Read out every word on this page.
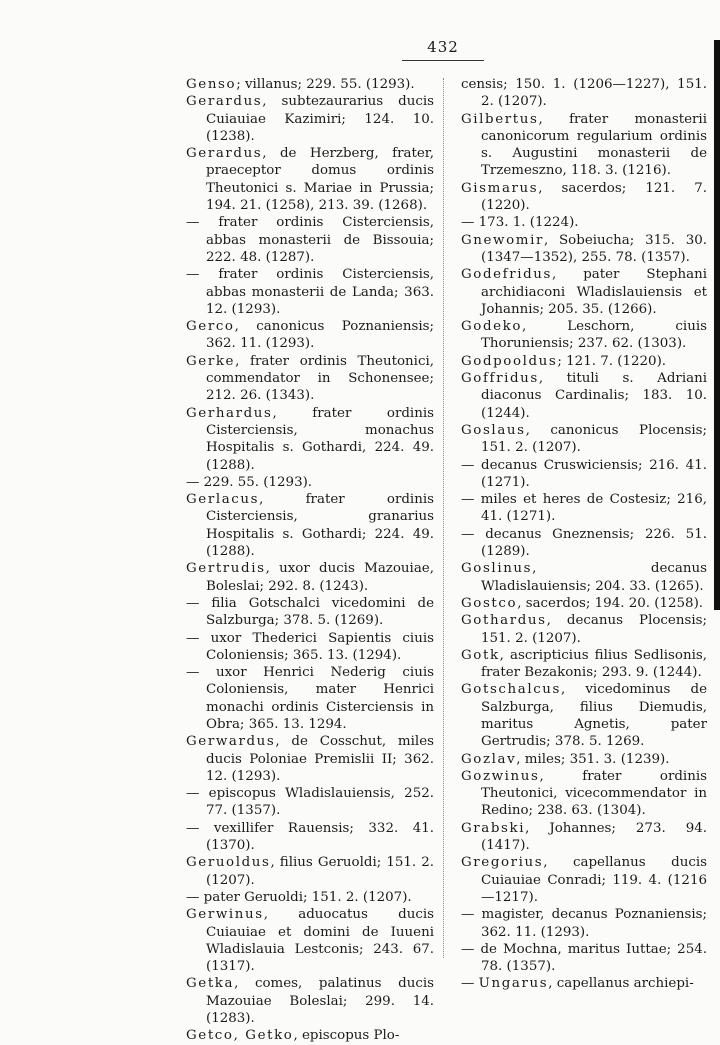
432

Genso; villanus; 229. 55. (1293).

Gerardus, subtezaurarius ducis Cuiauiae Kazimiri; 124. 10. (1238).

Gerardus, de Herzberg, frater, praeceptor domus ordinis Theutonici s. Mariae in Prussia; 194. 21. (1258), 213. 39. (1268).

— frater ordinis Cisterciensis, abbas monasterii de Bissouia; 222. 48. (1287).

— frater ordinis Cisterciensis, abbas monasterii de Landa; 363. 12. (1293).

Gerco, canonicus Poznaniensis; 362. 11. (1293).

Gerke, frater ordinis Theutonici, commendator in Schonensee; 212. 26. (1343).

Gerhardus, frater ordinis Cisterciensis, monachus Hospitalis s. Gothardi, 224. 49. (1288).

— 229. 55. (1293).

Gerlacus, frater ordinis Cisterciensis, granarius Hospitalis s. Gothardi; 224. 49. (1288).

Gertrudis, uxor ducis Mazouiae, Boleslai; 292. 8. (1243).

— filia Gotschalci vicedomini de Salzburga; 378. 5. (1269).

— uxor Thederici Sapientis ciuis Coloniensis; 365. 13. (1294).

— uxor Henrici Nederig ciuis Coloniensis, mater Henrici monachi ordinis Cisterciensis in Obra; 365. 13. 1294.

Gerwardus, de Cosschut, miles ducis Poloniae Premislii II; 362. 12. (1293).

— episcopus Wladislauiensis, 252. 77. (1357).

— vexillifer Rauensis; 332. 41. (1370).

Geruoldus, filius Geruoldi; 151. 2. (1207).

— pater Geruoldi; 151. 2. (1207).

Gerwinus, aduocatus ducis Cuiauiae et domini de Iuueni Wladislauia Lestconis; 243. 67. (1317).

Getka, comes, palatinus ducis Mazouiae Boleslai; 299. 14. (1283).

Getco, Getko, episcopus Plo-

censis; 150. 1. (1206—1227), 151. 2. (1207).

Gilbertus, frater monasterii canonicorum regularium ordinis s. Augustini monasterii de Trzemeszno, 118. 3. (1216).

Gismarus, sacerdos; 121. 7. (1220).

— 173. 1. (1224).

Gnewomir, Sobeiucha; 315. 30. (1347—1352), 255. 78. (1357).

Godefridus, pater Stephani archidiaconi Wladislauiensis et Johannis; 205. 35. (1266).

Godeko, Leschorn, ciuis Thoruniensis; 237. 62. (1303).

Godpooldus; 121. 7. (1220).

Goffridus, tituli s. Adriani diaconus Cardinalis; 183. 10. (1244).

Goslaus, canonicus Plocensis; 151. 2. (1207).

— decanus Cruswiciensis; 216. 41. (1271).

— miles et heres de Costesiz; 216, 41. (1271).

— decanus Gneznensis; 226. 51. (1289).

Goslinus, decanus Wladislauiensis; 204. 33. (1265).

Gostco, sacerdos; 194. 20. (1258).

Gothardus, decanus Plocensis; 151. 2. (1207).

Gotk, ascripticius filius Sedlisonis, frater Bezakonis; 293. 9. (1244).

Gotschalcus, vicedominus de Salzburga, filius Diemudis, maritus Agnetis, pater Gertrudis; 378. 5. 1269.

Gozlav, miles; 351. 3. (1239).

Gozwinus, frater ordinis Theutonici, vicecommendator in Redino; 238. 63. (1304).

Grabski, Johannes; 273. 94. (1417).

Gregorius, capellanus ducis Cuiauiae Conradi; 119. 4. (1216—1217).

— magister, decanus Poznaniensis; 362. 11. (1293).

— de Mochna, maritus Iuttae; 254. 78. (1357).

— Ungarus, capellanus archiepi-
